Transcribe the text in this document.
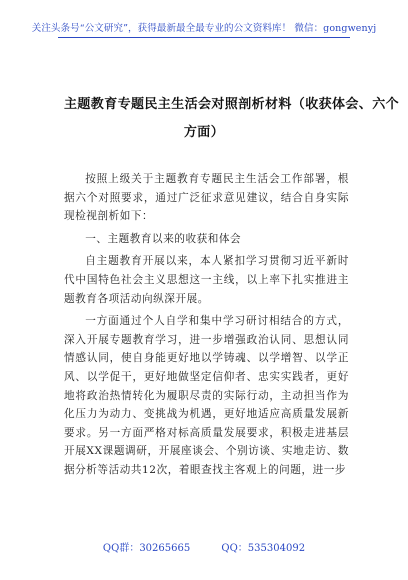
关注头条号“公文研究”，获得最新最全最专业的公文资料库！ 微信：gongwenyj
主题教育专题民主生活会对照剖析材料（收获体会、六个
方面）

按照上级关于主题教育专题民主生活会工作部署，根据六个对照要求，通过广泛征求意见建议，结合自身实际现检视剖析如下：

一、主题教育以来的收获和体会

自主题教育开展以来，本人紧扣学习贯彻习近平新时代中国特色社会主义思想这一主线，以上率下扎实推进主题教育各项活动向纵深开展。

一方面通过个人自学和集中学习研讨相结合的方式，深入开展专题教育学习，进一步增强政治认同、思想认同情感认同，使自身能更好地以学铸魂、以学增智、以学正风、以学促干，更好地做坚定信仰者、忠实实践者，更好地将政治热情转化为履职尽责的实际行动，主动担当作为化压力为动力、变挑战为机遇，更好地适应高质量发展新要求。另一方面严格对标高质量发展要求，积极走进基层开展XX课题调研，开展座谈会、个别访谈、实地走访、数据分析等活动共12次，着眼查找主客观上的问题，进一步

QQ群：30265665	QQ：535304092
